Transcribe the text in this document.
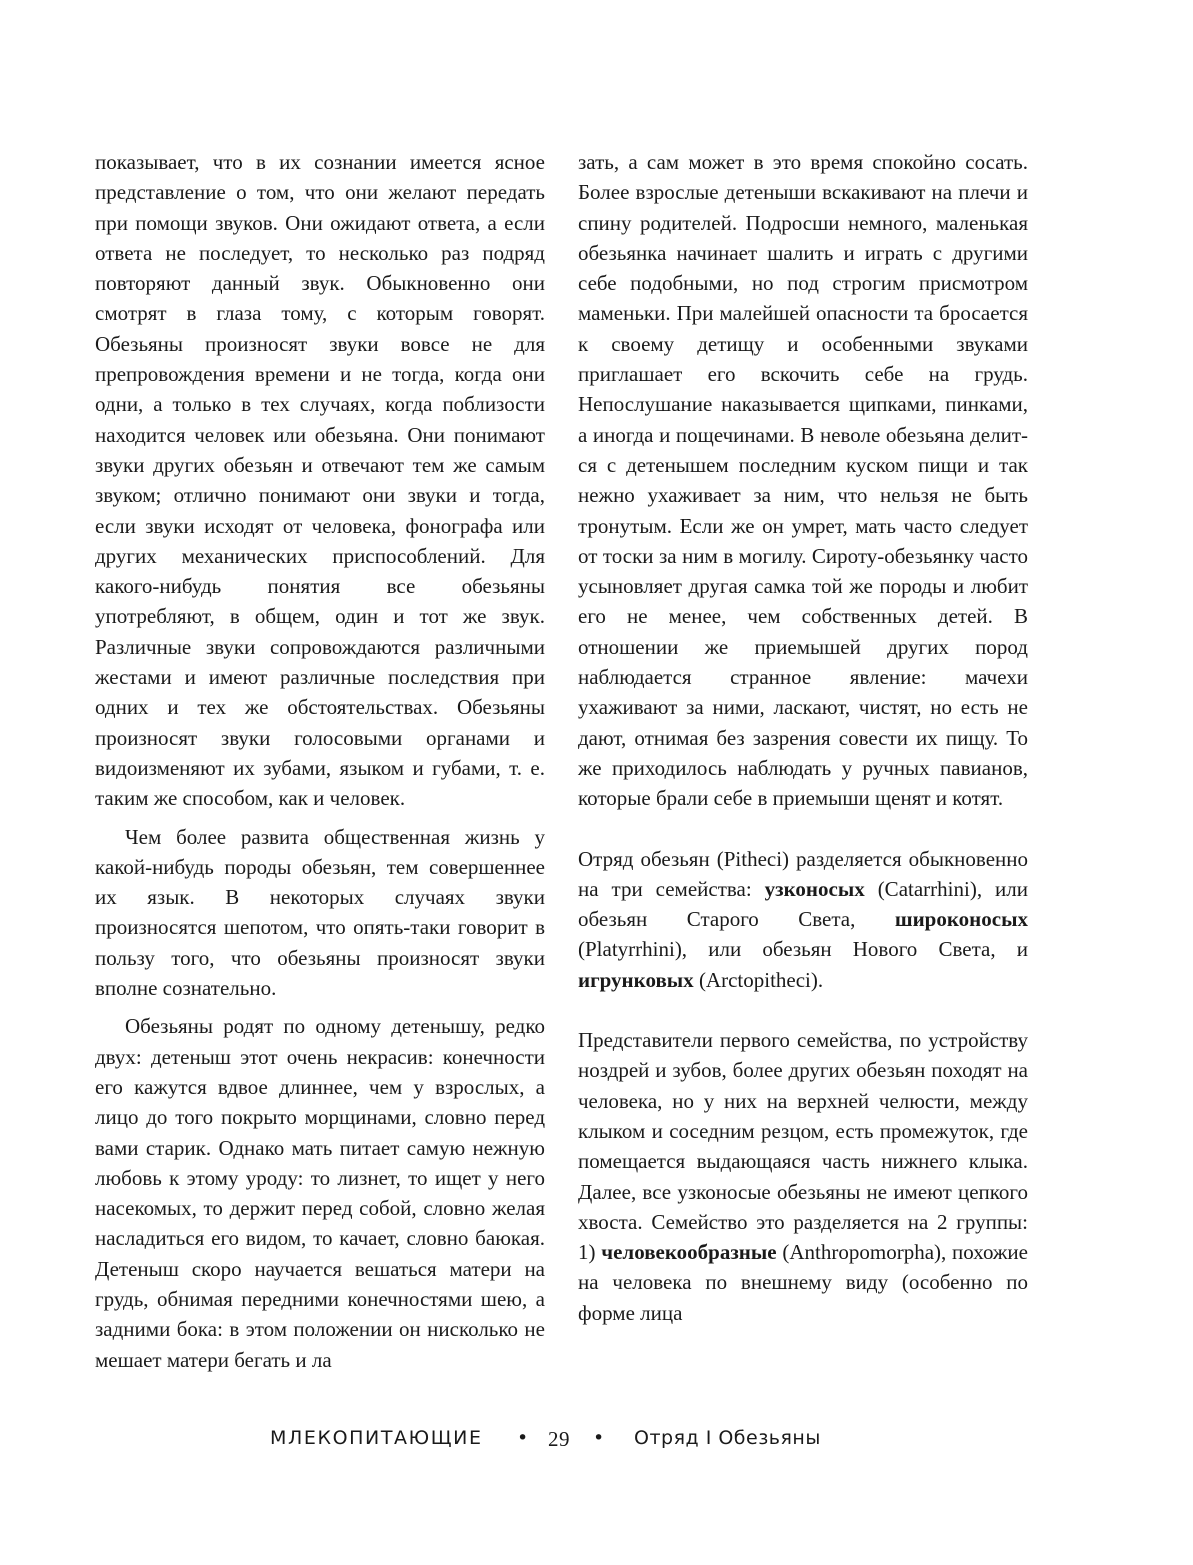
показывает, что в их сознании имеется ясное представление о том, что они желают передать при помощи звуков. Они ожидают ответа, а если ответа не последует, то несколько раз подряд повторяют данный звук. Обыкновенно они смотрят в глаза тому, с которым говорят. Обезьяны произносят звуки вовсе не для препровождения времени и не тогда, когда они одни, а только в тех случаях, когда поблизости находится человек или обезьяна. Они понимают звуки других обезьян и отвечают тем же самым звуком; отлично понимают они звуки и тогда, если звуки исходят от человека, фонографа или других механических приспособлений. Для какого-нибудь понятия все обезьяны употребляют, в общем, один и тот же звук. Различные звуки сопровождаются различными жестами и имеют различные последствия при одних и тех же обстоятельствах. Обезьяны произносят звуки голосовыми органами и видоизменяют их зубами, языком и губами, т. е. таким же способом, как и человек.

Чем более развита общественная жизнь у какой-нибудь породы обезьян, тем совершеннее их язык. В некоторых случаях звуки произносятся шепотом, что опять-таки говорит в пользу того, что обезьяны произносят звуки вполне сознательно.

Обезьяны родят по одному детенышу, редко двух: детеныш этот очень некрасив: конечности его кажутся вдвое длиннее, чем у взрослых, а лицо до того покрыто морщинами, словно перед вами старик. Однако мать питает самую нежную любовь к этому уроду: то лизнет, то ищет у него насекомых, то держит перед собой, словно желая насладиться его видом, то качает, словно баюкая. Детеныш скоро научается вешаться матери на грудь, обнимая передними конечностями шею, а задними бока: в этом положении он нисколько не мешает матери бегать и ла

зать, а сам может в это время спокойно сосать. Более взрослые детеныши вскакивают на плечи и спину родителей. Подросши немного, маленькая обезьянка начинает шалить и играть с другими себе подобными, но под строгим присмотром маменьки. При малейшей опасности та бросается к своему детищу и особенными звуками приглашает его вскочить себе на грудь. Непослушание наказывается щипками, пинками, а иногда и пощечинами. В неволе обезьяна делится с детенышем последним куском пищи и так нежно ухаживает за ним, что нельзя не быть тронутым. Если же он умрет, мать часто следует от тоски за ним в могилу. Сироту-обезьянку часто усыновляет другая самка той же породы и любит его не менее, чем собственных детей. В отношении же приемышей других пород наблюдается странное явление: мачехи ухаживают за ними, ласкают, чистят, но есть не дают, отнимая без зазрения совести их пищу. То же приходилось наблюдать у ручных павианов, которые брали себе в приемыши щенят и котят.

Отряд обезьян (Pitheci) разделяется обыкновенно на три семейства: узконосых (Catarrhini), или обезьян Старого Света, широконосых (Platyrrhini), или обезьян Нового Света, и игрунковых (Arctopitheci).

Представители первого семейства, по устройству ноздрей и зубов, более других обезьян походят на человека, но у них на верхней челюсти, между клыком и соседним резцом, есть промежуток, где помещается выдающаяся часть нижнего клыка. Далее, все узконосые обезьяны не имеют цепкого хвоста. Семейство это разделяется на 2 группы: 1) человекообразные (Anthropomorpha), похожие на человека по внешнему виду (особенно по форме лица

МЛЕКОПИТАЮЩИЕ • 29 • Отряд I Обезьяны
